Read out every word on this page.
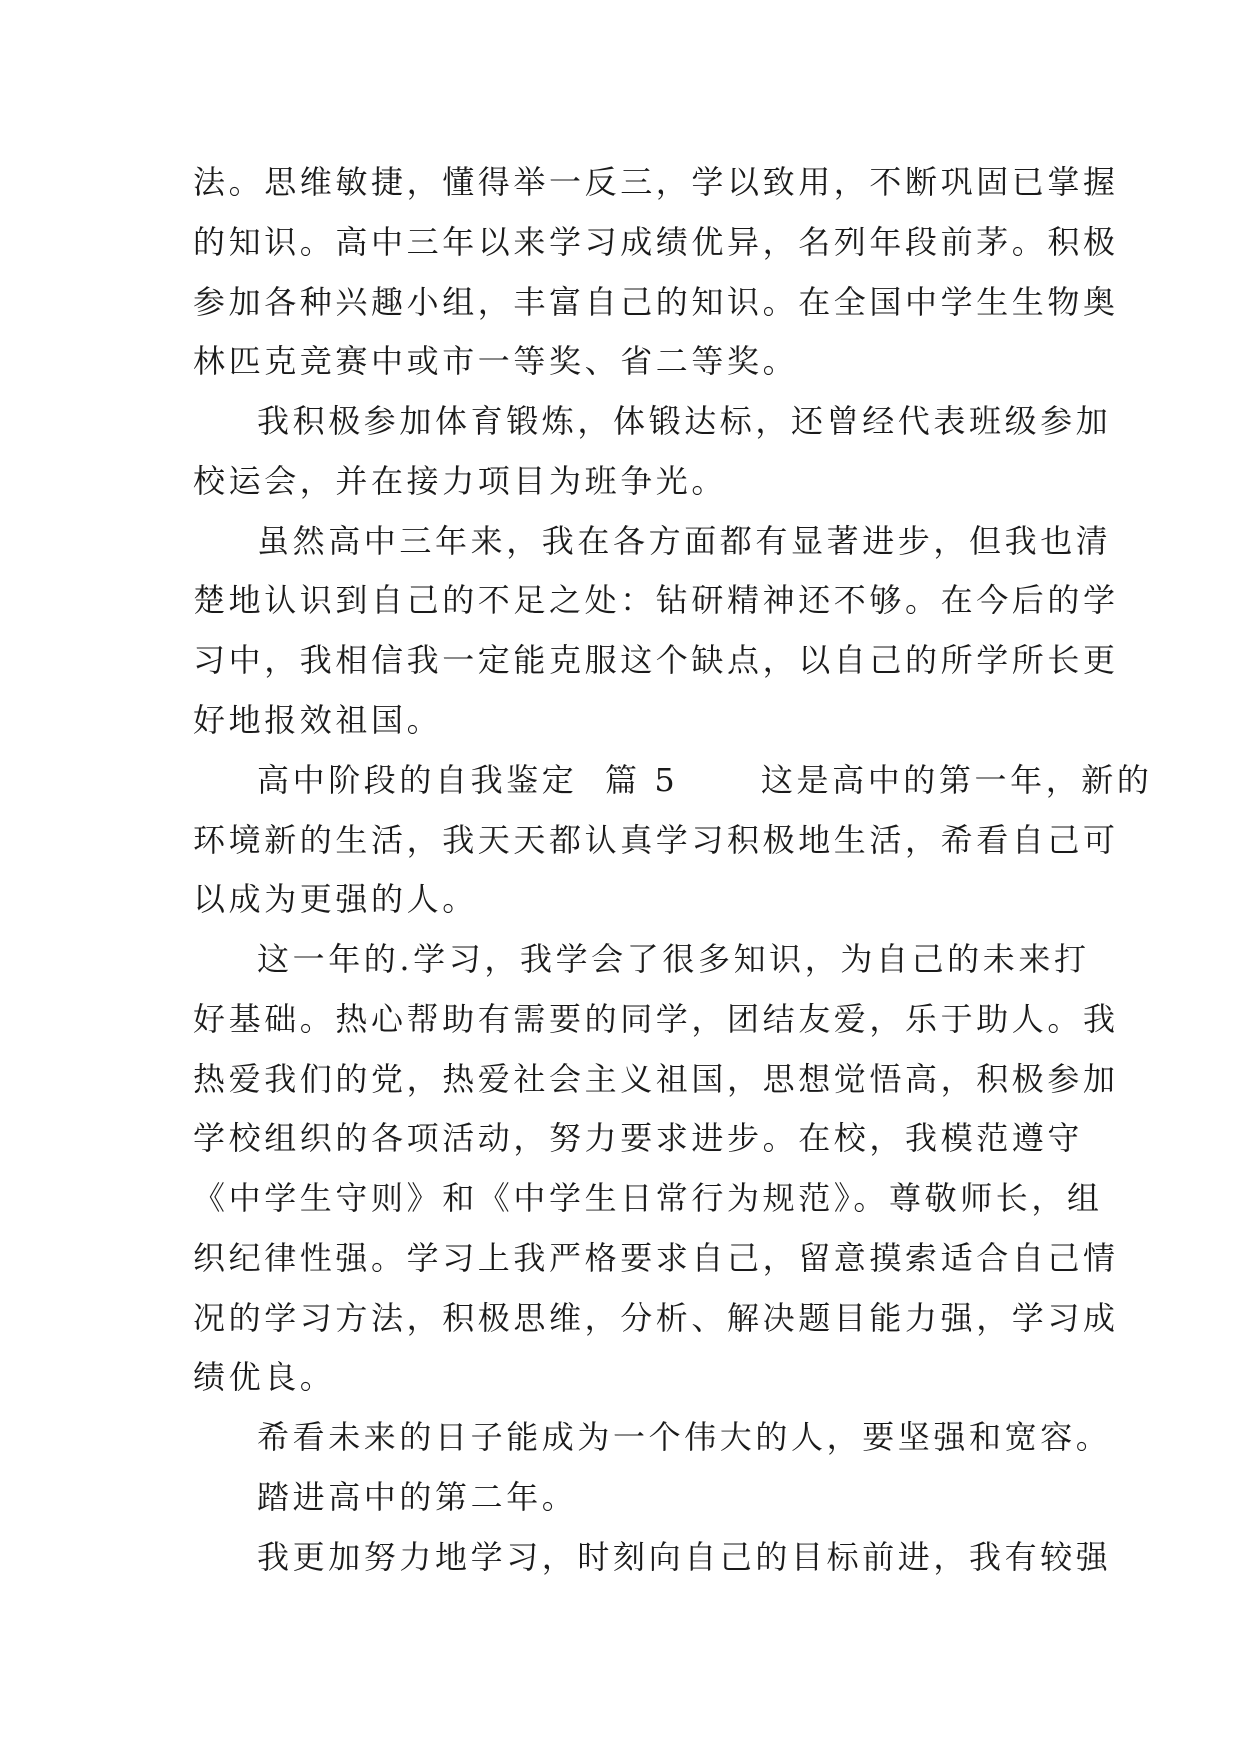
法。思维敏捷，懂得举一反三，学以致用，不断巩固已掌握
的知识。高中三年以来学习成绩优异，名列年段前茅。积极
参加各种兴趣小组，丰富自己的知识。在全国中学生生物奥
林匹克竞赛中或市一等奖、省二等奖。
我积极参加体育锻炼，体锻达标，还曾经代表班级参加
校运会，并在接力项目为班争光。
虽然高中三年来，我在各方面都有显著进步，但我也清
楚地认识到自己的不足之处：钻研精神还不够。在今后的学
习中，我相信我一定能克服这个缺点，以自己的所学所长更
好地报效祖国。
高中阶段的自我鉴定  篇 5      这是高中的第一年，新的
环境新的生活，我天天都认真学习积极地生活，希看自己可
以成为更强的人。
这一年的.学习，我学会了很多知识，为自己的未来打
好基础。热心帮助有需要的同学，团结友爱，乐于助人。我
热爱我们的党，热爱社会主义祖国，思想觉悟高，积极参加
学校组织的各项活动，努力要求进步。在校，我模范遵守
《中学生守则》和《中学生日常行为规范》。尊敬师长，组
织纪律性强。学习上我严格要求自己，留意摸索适合自己情
况的学习方法，积极思维，分析、解决题目能力强，学习成
绩优良。
希看未来的日子能成为一个伟大的人，要坚强和宽容。
踏进高中的第二年。
我更加努力地学习，时刻向自己的目标前进，我有较强
